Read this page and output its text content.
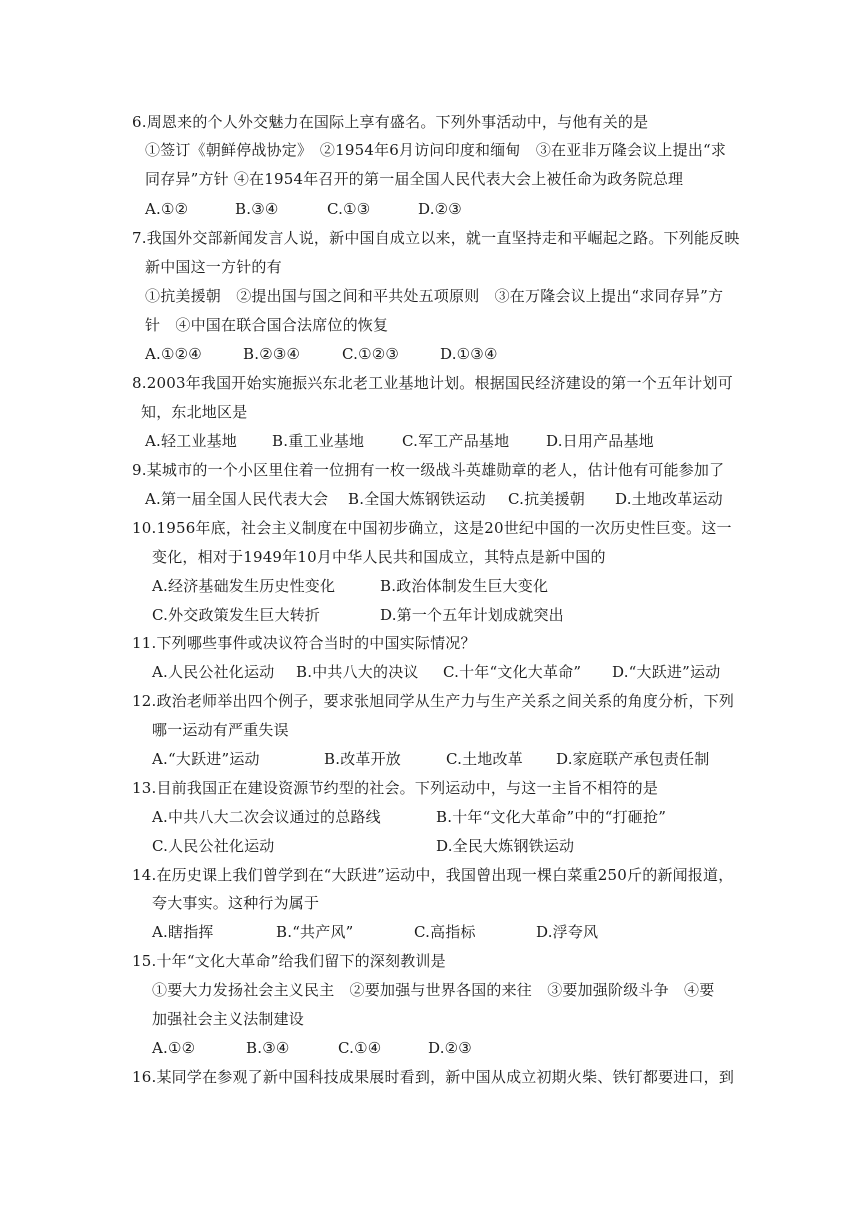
6.周恩来的个人外交魅力在国际上享有盛名。下列外事活动中，与他有关的是
①签订《朝鲜停战协定》　②1954年6月访问印度和缅甸　③在亚非万隆会议上提出“求
同存异”方针 ④在1954年召开的第一届全国人民代表大会上被任命为政务院总理
A.①②	B.③④	C.①③	D.②③
7.我国外交部新闻发言人说，新中国自成立以来，就一直坚持走和平崛起之路。下列能反映
新中国这一方针的有
①抗美援朝　②提出国与国之间和平共处五项原则　③在万隆会议上提出“求同存异”方
针　④中国在联合国合法席位的恢复
A.①②④	B.②③④	C.①②③	D.①③④
8.2003年我国开始实施振兴东北老工业基地计划。根据国民经济建设的第一个五年计划可
知，东北地区是
A.轻工业基地 B.重工业基地	C.军工产品基地 D.日用产品基地
9.某城市的一个小区里住着一位拥有一枚一级战斗英雄勋章的老人，估计他有可能参加了
A.第一届全国人民代表大会 B.全国大炼钢铁运动 C.抗美援朝 D.土地改革运动
10.1956年底，社会主义制度在中国初步确立，这是20世纪中国的一次历史性巨变。这一
变化，相对于1949年10月中华人民共和国成立，其特点是新中国的
A.经济基础发生历史性变化	B.政治体制发生巨大变化
C.外交政策发生巨大转折	D.第一个五年计划成就突出
11.下列哪些事件或决议符合当时的中国实际情况？
A.人民公社化运动 B.中共八大的决议 C.十年“文化大革命” D.“大跃进”运动
12.政治老师举出四个例子，要求张旭同学从生产力与生产关系之间关系的角度分析，下列
哪一运动有严重失误
A.“大跃进”运动	B.改革开放	C.土地改革 D.家庭联产承包责任制
13.目前我国正在建设资源节约型的社会。下列运动中，与这一主旨不相符的是
A.中共八大二次会议通过的总路线	B.十年“文化大革命”中的“打砸抢”
C.人民公社化运动	D.全民大炼钢铁运动
14.在历史课上我们曾学到在“大跃进”运动中，我国曾出现一棵白菜重250斤的新闻报道，
夸大事实。这种行为属于
A.瞎指挥	B.“共产风”	C.高指标	D.浮夸风
15.十年“文化大革命”给我们留下的深刻教训是
①要大力发扬社会主义民主　②要加强与世界各国的来往　③要加强阶级斗争　④要
加强社会主义法制建设
A.①②	B.③④	C.①④	D.②③
16.某同学在参观了新中国科技成果展时看到，新中国从成立初期火柴、铁钉都要进口，到
